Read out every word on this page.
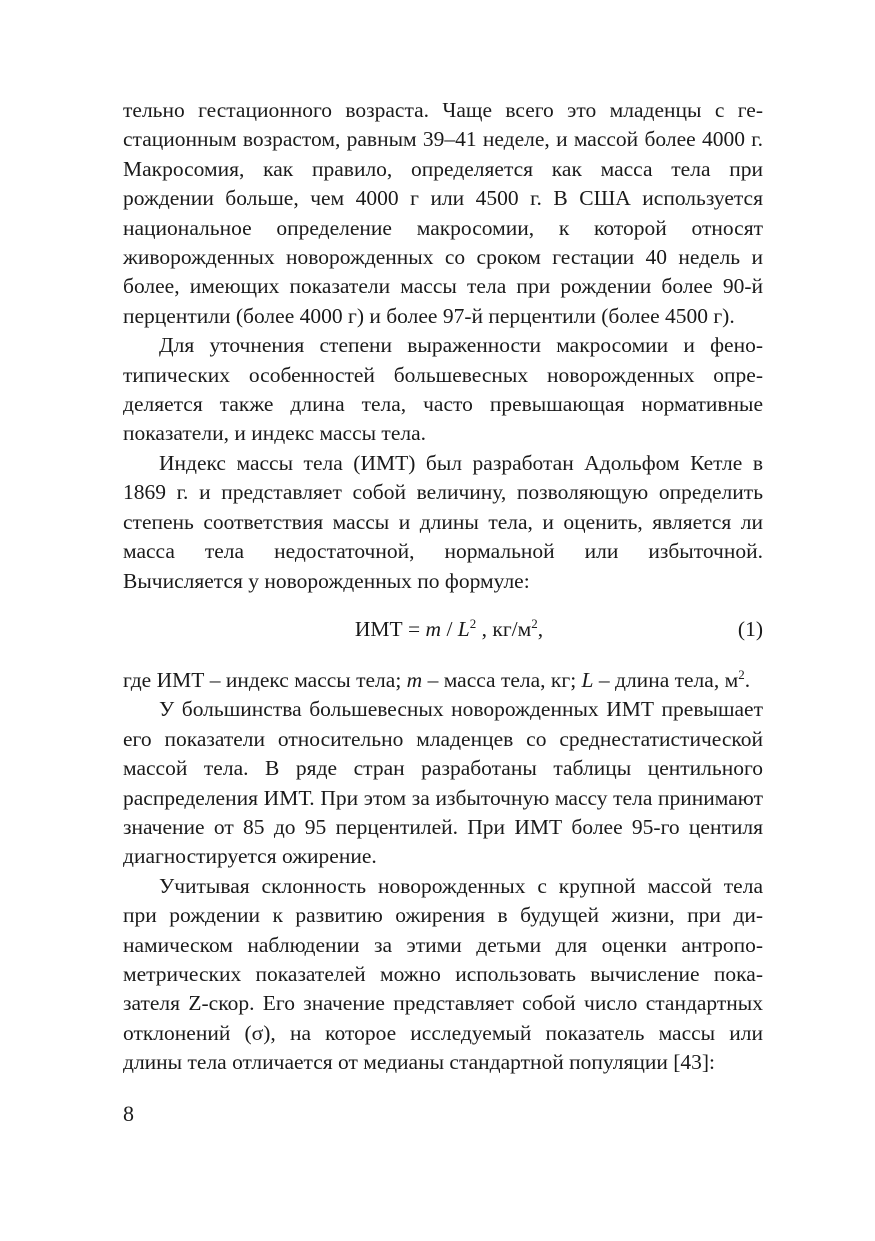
тельно гестационного возраста. Чаще всего это младенцы с гестационным возрастом, равным 39–41 неделе, и массой более 4000 г. Макросомия, как правило, определяется как масса тела при рождении больше, чем 4000 г или 4500 г. В США используется национальное определение макросомии, к которой относят живорожденных новорожденных со сроком гестации 40 недель и более, имеющих показатели массы тела при рождении более 90-й перцентили (более 4000 г) и более 97-й перцентили (более 4500 г).

Для уточнения степени выраженности макросомии и фенотипических особенностей большевесных новорожденных определяется также длина тела, часто превышающая нормативные показатели, и индекс массы тела.

Индекс массы тела (ИМТ) был разработан Адольфом Кетле в 1869 г. и представляет собой величину, позволяющую определить степень соответствия массы и длины тела, и оценить, является ли масса тела недостаточной, нормальной или избыточной. Вычисляется у новорожденных по формуле:

ИМТ = m / $L^2$ , $кг/м^2$,	(1)

где ИМТ – индекс массы тела; m – масса тела, кг; L – длина тела, $м^2$.

У большинства большевесных новорожденных ИМТ превышает его показатели относительно младенцев со среднестатистической массой тела. В ряде стран разработаны таблицы центильного распределения ИМТ. При этом за избыточную массу тела принимают значение от 85 до 95 перцентилей. При ИМТ более 95-го центиля диагностируется ожирение.

Учитывая склонность новорожденных с крупной массой тела при рождении к развитию ожирения в будущей жизни, при динамическом наблюдении за этими детьми для оценки антропометрических показателей можно использовать вычисление показателя Z-скор. Его значение представляет собой число стандартных отклонений (σ), на которое исследуемый показатель массы или длины тела отличается от медианы стандартной популяции [43]:

8
